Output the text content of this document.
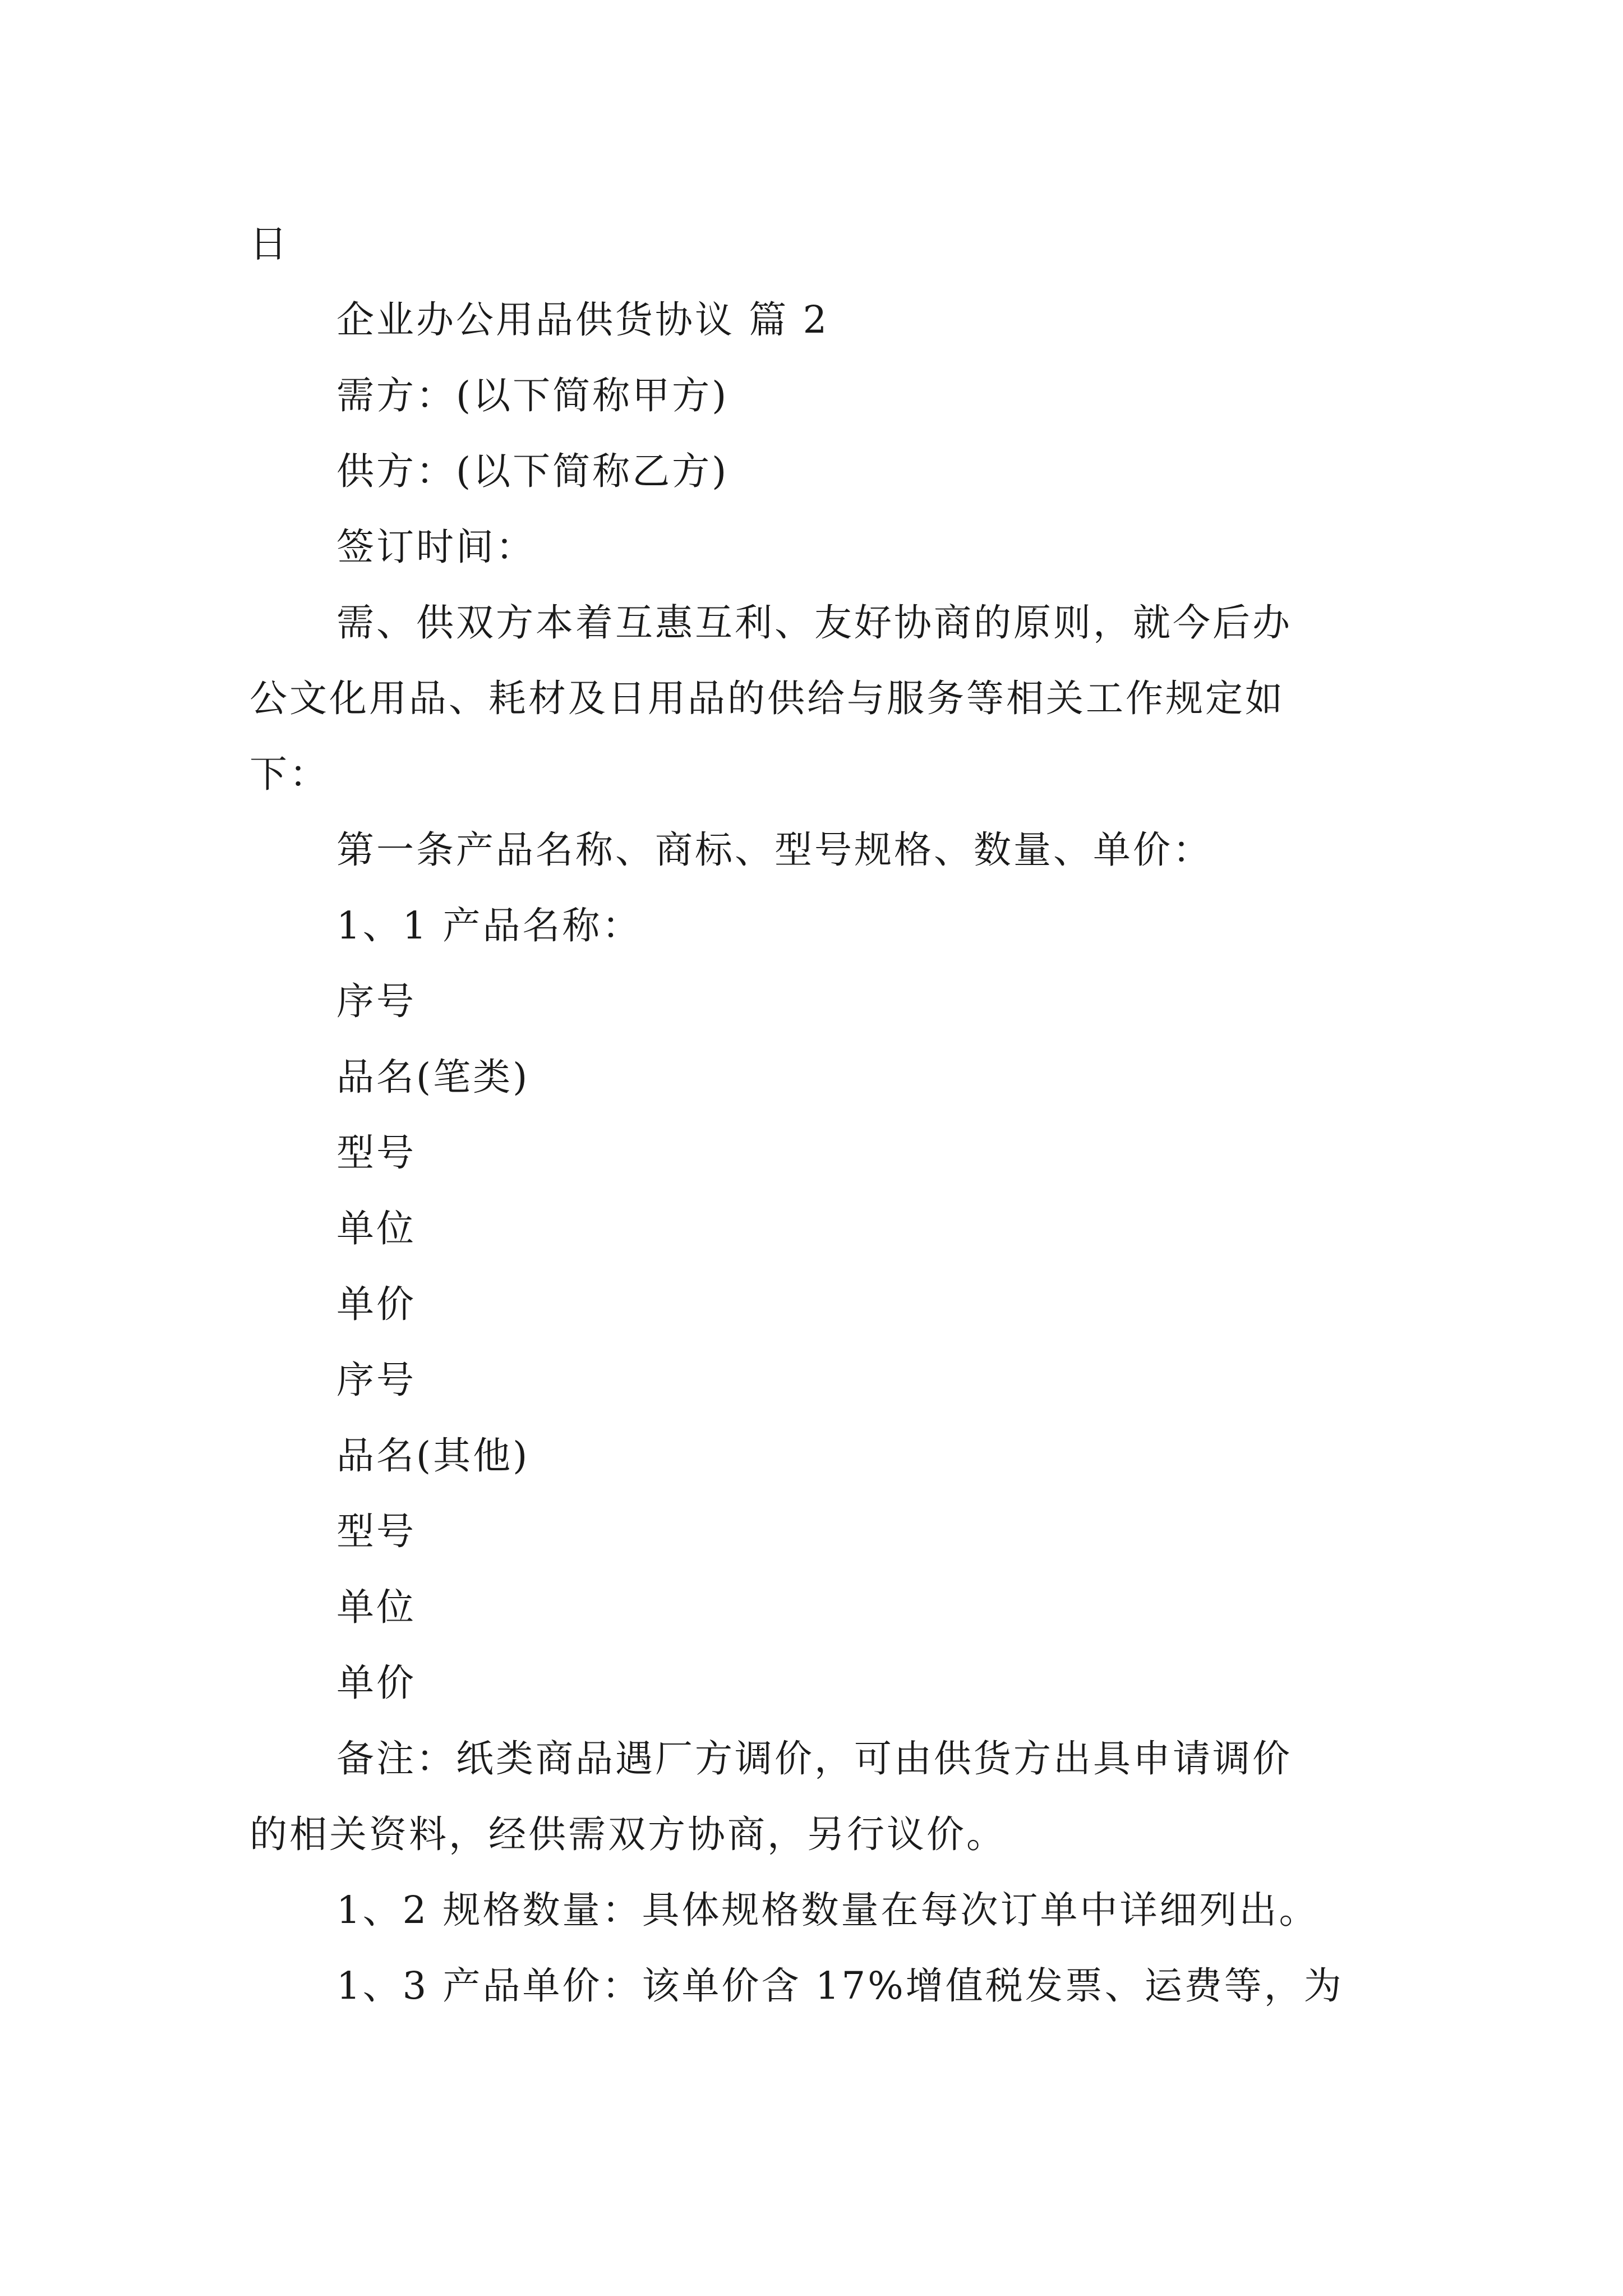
日
企业办公用品供货协议 篇 2
需方：(以下简称甲方)
供方：(以下简称乙方)
签订时间：
需、供双方本着互惠互利、友好协商的原则，就今后办
公文化用品、耗材及日用品的供给与服务等相关工作规定如
下：
第一条产品名称、商标、型号规格、数量、单价：
1、1 产品名称：
序号
品名(笔类)
型号
单位
单价
序号
品名(其他)
型号
单位
单价
备注：纸类商品遇厂方调价，可由供货方出具申请调价
的相关资料，经供需双方协商，另行议价。
1、2 规格数量：具体规格数量在每次订单中详细列出。
1、3 产品单价：该单价含 17%增值税发票、运费等，为
